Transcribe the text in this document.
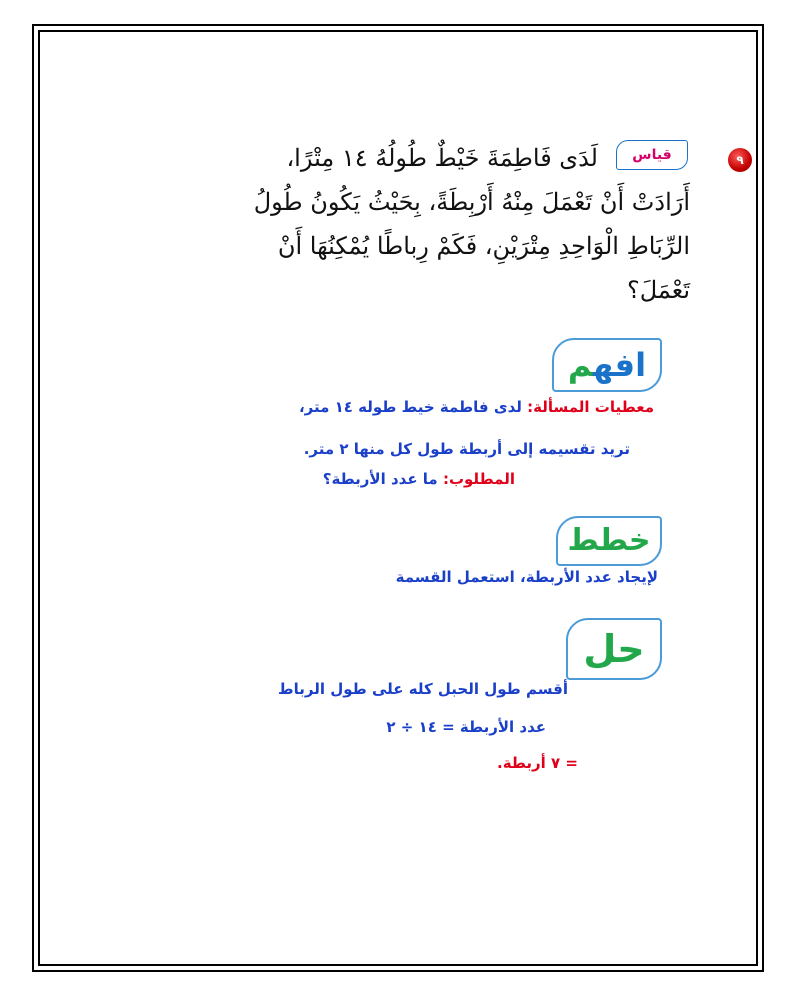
٩
قياس
لَدَى فَاطِمَةَ خَيْطٌ طُولُهُ ١٤ مِتْرًا،
أَرَادَتْ أَنْ تَعْمَلَ مِنْهُ أَرْبِطَةً، بِحَيْثُ يَكُونُ طُولُ
الرِّبَاطِ الْوَاحِدِ مِتْرَيْنِ، فَكَمْ رِباطًا يُمْكِنُهَا أَنْ
تَعْمَلَ؟
افهم
معطيات المسألة: لدى فاطمة خيط طوله ١٤ متر،
تريد تقسيمه إلى أربطة طول كل منها ٢ متر.
المطلوب: ما عدد الأربطة؟
خطط
لإيجاد عدد الأربطة، استعمل القسمة
حل
أقسم طول الحبل كله على طول الرباط
عدد الأربطة = ١٤ ÷ ٢
= ٧ أربطة.
